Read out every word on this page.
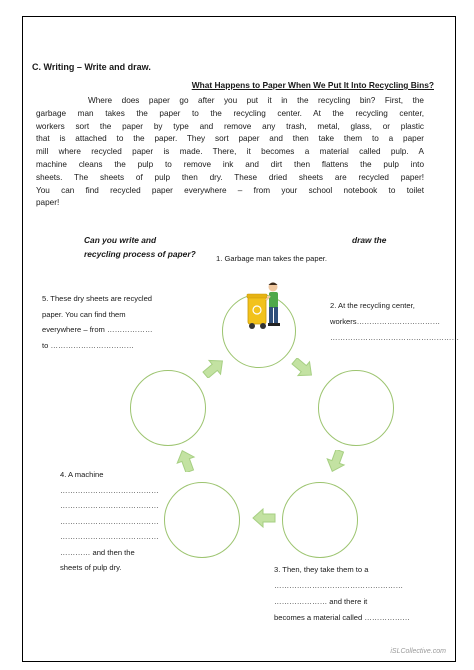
C. Writing – Write and draw.
What Happens to Paper When We Put It Into Recycling Bins?
Where does paper go after you put it in the recycling bin? First, the
garbage man takes the paper to the recycling center. At the recycling center,
workers sort the paper by type and remove any trash, metal, glass, or plastic
that is attached to the paper. They sort paper and then take them to a paper
mill where recycled paper is made. There, it becomes a material called pulp. A
machine cleans the pulp to remove ink and dirt then flattens the pulp into
sheets. The sheets of pulp then dry. These dried sheets are recycled paper!
You can find recycled paper everywhere – from your school notebook to toilet
paper!
Can you write and	draw the
recycling process of paper?	1. Garbage man takes the paper.
5. These dry sheets are recycled
paper. You can find them
everywhere – from ………………
to ……………………………
2. At the recycling center,
workers……………………………
……………………………………………
4. A machine
…………………………………
…………………………………
…………………………………
…………………………………
………… and then the
sheets of pulp dry.	3. Then, they take them to a
……………………………………………
………………… and there it
becomes a material called ………………
iSLCollective.com
